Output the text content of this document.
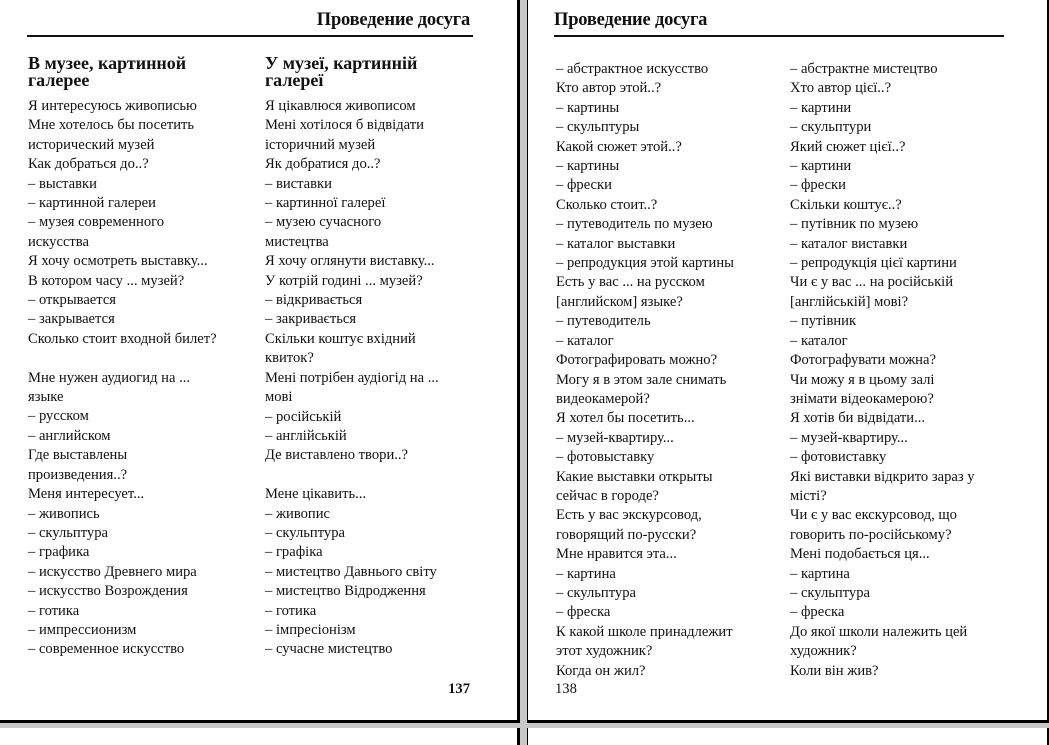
Проведение досуга
В музее, картинной
галерее
Я интересуюсь живописью
Мне хотелось бы посетить
исторический музей
Как добраться до..?
– выставки
– картинной галереи
– музея современного
искусства
Я хочу осмотреть выставку...
В котором часу ... музей?
– открывается
– закрывается
Сколько стоит входной билет?
Мне нужен аудиогид на ...
языке
– русском
– английском
Где выставлены
произведения..?
Меня интересует...
– живопись
– скульптура
– графика
– искусство Древнего мира
– искусство Возрождения
– готика
– импрессионизм
– современное искусство
У музеї, картинній
галереї
Я цікавлюся живописом
Мені хотілося б відвідати
історичний музей
Як добратися до..?
– виставки
– картинної галереї
– музею сучасного
мистецтва
Я хочу оглянути виставку...
У котрій годині ... музей?
– відкривається
– закривається
Скільки коштує вхідний
квиток?
Мені потрібен аудіогід на ...
мові
– російській
– англійській
Де виставлено твори..?
Мене цікавить...
– живопис
– скульптура
– графіка
– мистецтво Давнього світу
– мистецтво Відродження
– готика
– імпресіонізм
– сучасне мистецтво
137
Проведение досуга
– абстрактное искусство
Кто автор этой..?
– картины
– скульптуры
Какой сюжет этой..?
– картины
– фрески
Сколько стоит..?
– путеводитель по музею
– каталог выставки
– репродукция этой картины
Есть у вас ... на русском
[английском] языке?
– путеводитель
– каталог
Фотографировать можно?
Могу я в этом зале снимать
видеокамерой?
Я хотел бы посетить...
– музей-квартиру...
– фотовыставку
Какие выставки открыты
сейчас в городе?
Есть у вас экскурсовод,
говорящий по-русски?
Мне нравится эта...
– картина
– скульптура
– фреска
К какой школе принадлежит
этот художник?
Когда он жил?
– абстрактне мистецтво
Хто автор цієї..?
– картини
– скульптури
Який сюжет цієї..?
– картини
– фрески
Скільки коштує..?
– путівник по музею
– каталог виставки
– репродукція цієї картини
Чи є у вас ... на російській
[англійській] мові?
– путівник
– каталог
Фотографувати можна?
Чи можу я в цьому залі
знімати відеокамерою?
Я хотів би відвідати...
– музей-квартиру...
– фотовиставку
Які виставки відкрито зараз у
місті?
Чи є у вас екскурсовод, що
говорить по-російському?
Мені подобається ця...
– картина
– скульптура
– фреска
До якої школи належить цей
художник?
Коли він жив?
138
